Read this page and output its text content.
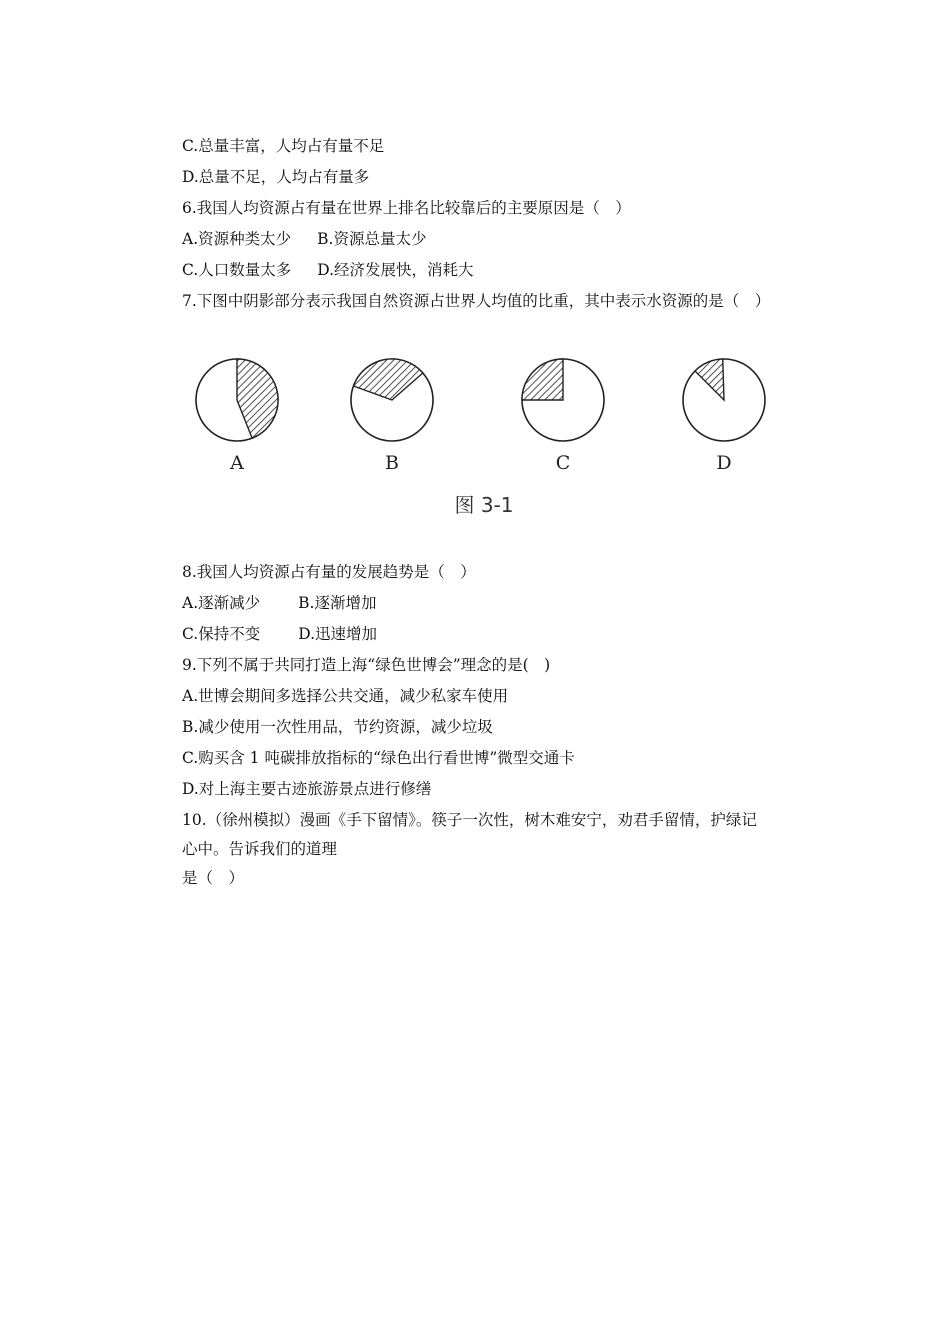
C.总量丰富，人均占有量不足
D.总量不足，人均占有量多
6.我国人均资源占有量在世界上排名比较靠后的主要原因是（　）
A.资源种类太少 B.资源总量太少
C.人口数量太多 D.经济发展快，消耗大
7.下图中阴影部分表示我国自然资源占世界人均值的比重，其中表示水资源的是（　）
A	B	C	D
图 3-1
8.我国人均资源占有量的发展趋势是（　）
A.逐渐减少 B.逐渐增加
C.保持不变 D.迅速增加
9.下列不属于共同打造上海“绿色世博会”理念的是(　)
A.世博会期间多选择公共交通，减少私家车使用
B.减少使用一次性用品，节约资源，减少垃圾
C.购买含 1 吨碳排放指标的“绿色出行看世博”微型交通卡
D.对上海主要古迹旅游景点进行修缮
10.（徐州模拟）漫画《手下留情》。筷子一次性，树木难安宁，劝君手留情，护绿记
心中。告诉我们的道理
是（　）
